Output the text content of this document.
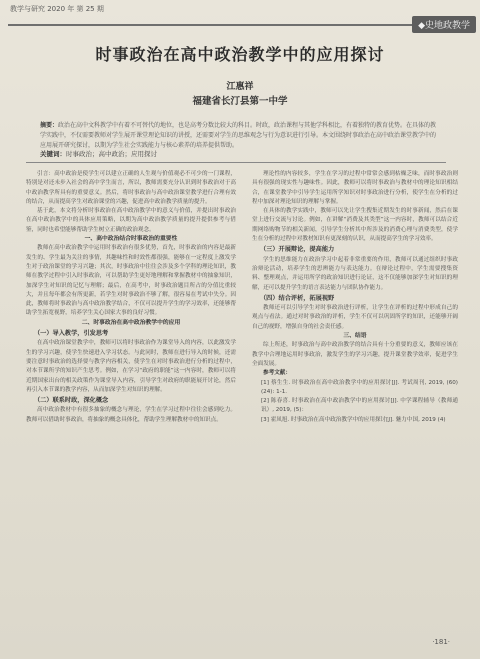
教学与研究 2020 年 第 25 期
◆史地政教学
时事政治在高中政治教学中的应用探讨
江惠祥
福建省长汀县第一中学
摘要：政治在高中文科教学中有着不可替代的地位，也是高考分数比较大的科目。时政，政治课程与其他学科相比，有着独特的教育优势。在具体的教学实践中，不仅需要教师对学生展开课堂理论知识的讲授，还需要对学生的思维观念与行为意识进行引导。本文围绕时事政治在高中政治课堂教学中的应用展开研究探讨，以期为学生社会实践能力与核心素养的培养提供帮助。
关键词：时事政治；高中政治；应用探讨

引言：高中政治是使学生可以建立正确的人生观与价值观必不可少的一门课程，特别是对还未步入社会的高中学生而言，所以，教师需要充分认识到时事政治对于高中政治教学所具有的重要意义。然后，将时事政治与高中政治课堂教学进行合理有效的结合，从而提高学生对政治课堂的兴趣，促进高中政治教学质量的提升。

基于此，本文将分析时事政治在高中政治教学中的意义与价值，并提出时事政治在高中政治教学中的具体应用策略，以期为高中政治教学质量的提升提供参考与借鉴，同时也希望能够帮助学生树立正确的政治观念。

一、高中政治结合时事政治的重要性

教师在高中政治教学中运用时事政治有很多优势，首先，时事政治的内容是最新发生的、学生最为关注的事情，其趣味性和时效性都很强，能够在一定程度上激发学生对于政治课堂的学习兴趣；其次，时事政治中往往会涉及多个学科的理论知识，教师在教学过程中引入时事政治，可以帮助学生更好地理解和掌握教材中的抽象知识，加深学生对知识的记忆与理解；最后，在高考中，时事政治题目所占的分值比重较大，并且每年都会有所更新，若学生对时事政治不够了解，很容易在考试中失分。因此，教师将时事政治与高中政治教学结合，不仅可以提升学生的学习效率，还能够帮助学生拓宽视野，培养学生关心国家大事的良好习惯。

二、时事政治在高中政治教学中的应用
（一）导入教学，引发思考

在高中政治课堂教学中，教师可以将时事政治作为课堂导入的内容，以此激发学生的学习兴趣，使学生快速进入学习状态。与此同时，教师在进行导入的时候，还需要注意时事政治的选择要与教学内容相关，使学生在对时事政治进行分析的过程中，对本节课所学的知识产生思考。例如，在学习“政府的职能”这一内容时，教师可以将近期国家出台的相关政策作为课堂导入内容，引导学生对政府的职能展开讨论，然后再引入本节课的教学内容，从而加深学生对知识的理解。

（二）联系时政，深化概念

高中政治教材中有很多抽象的概念与理论，学生在学习过程中往往会感到吃力。教师可以借助时事政治，将抽象的概念具体化，帮助学生理解教材中的知识点。

理论性的内容较多，学生在学习的过程中常常会感到枯燥乏味，而时事政治则具有很强的现实性与趣味性。因此，教师可以将时事政治与教材中的理论知识相结合，在课堂教学中引导学生运用所学知识对时事政治进行分析，使学生在分析的过程中加深对理论知识的理解与掌握。

在具体的教学实践中，教师可以先让学生搜集近期发生的时事新闻，然后在课堂上进行交流与讨论。例如，在讲解“消费及其类型”这一内容时，教师可以结合近期网络购物节的相关新闻，引导学生分析其中所涉及的消费心理与消费类型，使学生在分析的过程中对教材知识有更深刻的认识，从而提高学生的学习效率。

（三）开展辩论，提高能力

学生的思维能力在政治学习中起着非常重要的作用，教师可以通过组织时事政治辩论活动，培养学生的思辨能力与表达能力。在辩论过程中，学生需要搜集资料、整理观点，并运用所学的政治知识进行论证，这不仅能够加深学生对知识的理解，还可以提升学生的语言表达能力与团队协作能力。

（四）结合评析，拓展视野

教师还可以引导学生对时事政治进行评析，让学生在评析的过程中形成自己的观点与看法。通过对时事政治的评析，学生不仅可以巩固所学的知识，还能够开阔自己的视野，增强自身的社会责任感。

三、结语

综上所述，时事政治与高中政治教学的结合具有十分重要的意义，教师应该在教学中合理地运用时事政治，激发学生的学习兴趣，提升课堂教学效率，促进学生全面发展。

参考文献：

[1] 蔡生生. 时事政治在高中政治教学中的应用探讨[J]. 考试周刊, 2019, (60)(24): 1-1.

[2] 陈春喜. 时事政治在高中政治教学中的应用探讨[J]. 中学课程辅导（教师通讯）, 2019, (5)：

[3] 霍凤旭. 时事政治在高中政治教学中的应用探讨[J]. 魅力中国, 2019 (4)

·181·
